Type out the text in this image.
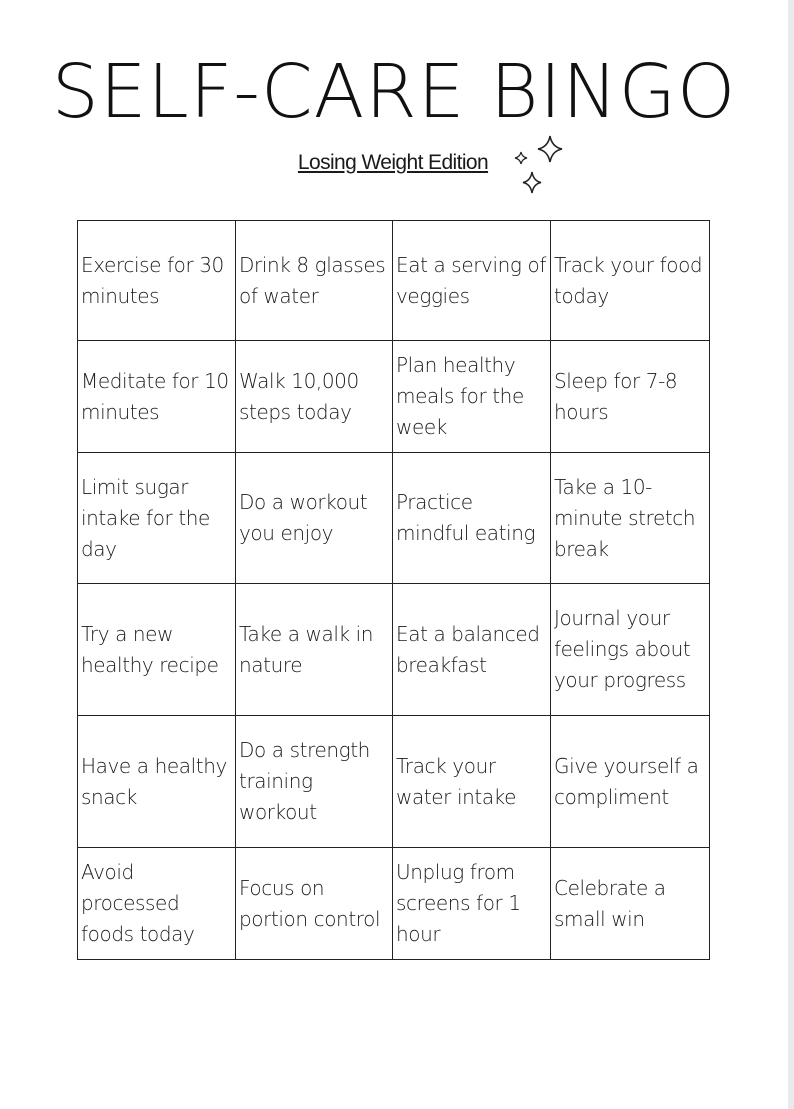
SELF-CARE BINGO
Losing Weight Edition
Exercise for 30 minutes
Drink 8 glasses of water
Eat a serving of veggies
Track your food today
Meditate for 10 minutes
Walk 10,000 steps today
Plan healthy meals for the week
Sleep for 7-8 hours
Limit sugar intake for the day
Do a workout you enjoy
Practice mindful eating
Take a 10-minute stretch break
Try a new healthy recipe
Take a walk in nature
Eat a balanced breakfast
Journal your feelings about your progress
Have a healthy snack
Do a strength training workout
Track your water intake
Give yourself a compliment
Avoid processed foods today
Focus on portion control
Unplug from screens for 1 hour
Celebrate a small win
